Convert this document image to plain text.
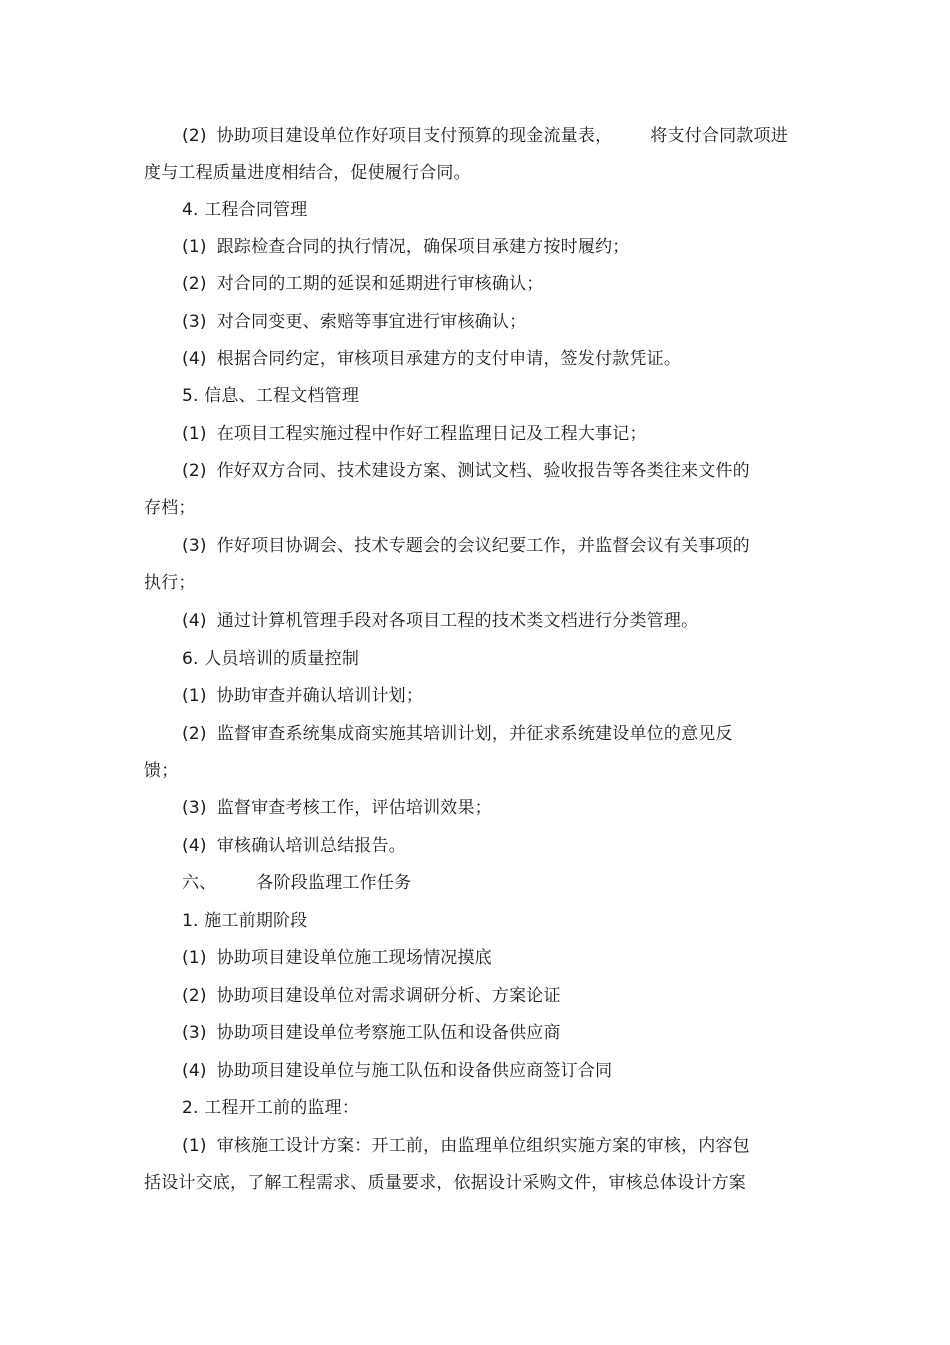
(2) 协助项目建设单位作好项目支付预算的现金流量表， 将支付合同款项进
度与工程质量进度相结合，促使履行合同。
4. 工程合同管理
(1) 跟踪检查合同的执行情况，确保项目承建方按时履约；
(2) 对合同的工期的延误和延期进行审核确认；
(3) 对合同变更、索赔等事宜进行审核确认；
(4) 根据合同约定，审核项目承建方的支付申请，签发付款凭证。
5. 信息、工程文档管理
(1) 在项目工程实施过程中作好工程监理日记及工程大事记；
(2) 作好双方合同、技术建设方案、测试文档、验收报告等各类往来文件的
存档；
(3) 作好项目协调会、技术专题会的会议纪要工作，并监督会议有关事项的
执行；
(4) 通过计算机管理手段对各项目工程的技术类文档进行分类管理。
6. 人员培训的质量控制
(1) 协助审查并确认培训计划；
(2) 监督审查系统集成商实施其培训计划，并征求系统建设单位的意见反
馈；
(3) 监督审查考核工作，评估培训效果；
(4) 审核确认培训总结报告。
六、 各阶段监理工作任务
1. 施工前期阶段
(1) 协助项目建设单位施工现场情况摸底
(2) 协助项目建设单位对需求调研分析、方案论证
(3) 协助项目建设单位考察施工队伍和设备供应商
(4) 协助项目建设单位与施工队伍和设备供应商签订合同
2. 工程开工前的监理：
(1) 审核施工设计方案：开工前，由监理单位组织实施方案的审核，内容包
括设计交底，了解工程需求、质量要求，依据设计采购文件，审核总体设计方案
